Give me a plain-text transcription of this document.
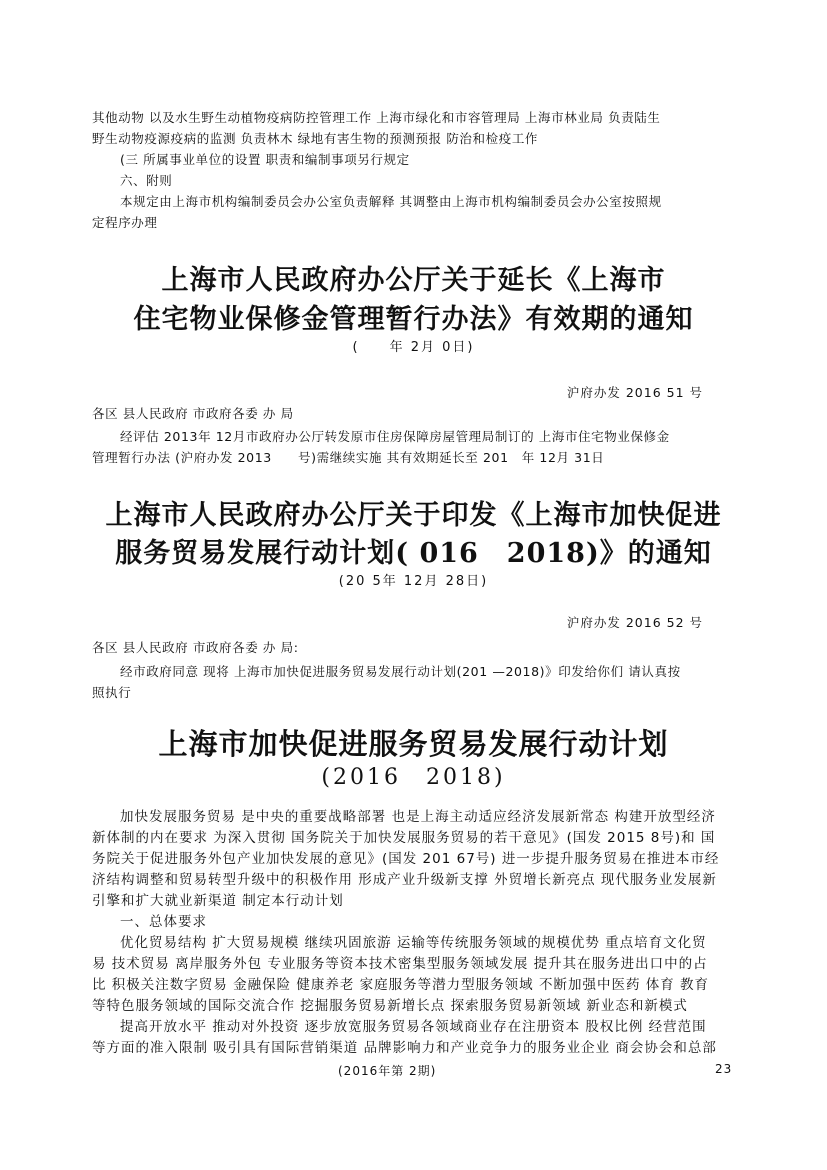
其他动物 以及水生野生动植物疫病防控管理工作 上海市绿化和市容管理局 上海市林业局 负责陆生
野生动物疫源疫病的监测 负责林木 绿地有害生物的预测预报 防治和检疫工作
(三 所属事业单位的设置 职责和编制事项另行规定
六、附则
本规定由上海市机构编制委员会办公室负责解释 其调整由上海市机构编制委员会办公室按照规
定程序办理
上海市人民政府办公厅关于延长《上海市
住宅物业保修金管理暂行办法》有效期的通知
(　　年 2月 0日)
沪府办发 2016 51 号
各区 县人民政府 市政府各委 办 局
经评估 2013年 12月市政府办公厅转发原市住房保障房屋管理局制订的 上海市住宅物业保修金
管理暂行办法 (沪府办发 2013　　号)需继续实施 其有效期延长至 201　年 12月 31日
上海市人民政府办公厅关于印发《上海市加快促进
服务贸易发展行动计划( 016　2018)》的通知
(20 5年 12月 28日)
沪府办发 2016 52 号
各区 县人民政府 市政府各委 办 局:
经市政府同意 现将 上海市加快促进服务贸易发展行动计划(201 —2018)》印发给你们 请认真按
照执行
上海市加快促进服务贸易发展行动计划
(2016　2018)
加快发展服务贸易 是中央的重要战略部署 也是上海主动适应经济发展新常态 构建开放型经济
新体制的内在要求 为深入贯彻 国务院关于加快发展服务贸易的若干意见》(国发 2015 8号)和 国
务院关于促进服务外包产业加快发展的意见》(国发 201 67号) 进一步提升服务贸易在推进本市经
济结构调整和贸易转型升级中的积极作用 形成产业升级新支撑 外贸增长新亮点 现代服务业发展新
引擎和扩大就业新渠道 制定本行动计划
一、总体要求
优化贸易结构 扩大贸易规模 继续巩固旅游 运输等传统服务领域的规模优势 重点培育文化贸
易 技术贸易 离岸服务外包 专业服务等资本技术密集型服务领域发展 提升其在服务进出口中的占
比 积极关注数字贸易 金融保险 健康养老 家庭服务等潜力型服务领域 不断加强中医药 体育 教育
等特色服务领域的国际交流合作 挖掘服务贸易新增长点 探索服务贸易新领域 新业态和新模式
提高开放水平 推动对外投资 逐步放宽服务贸易各领域商业存在注册资本 股权比例 经营范围
等方面的准入限制 吸引具有国际营销渠道 品牌影响力和产业竞争力的服务业企业 商会协会和总部
(2016年第 2期)	23
